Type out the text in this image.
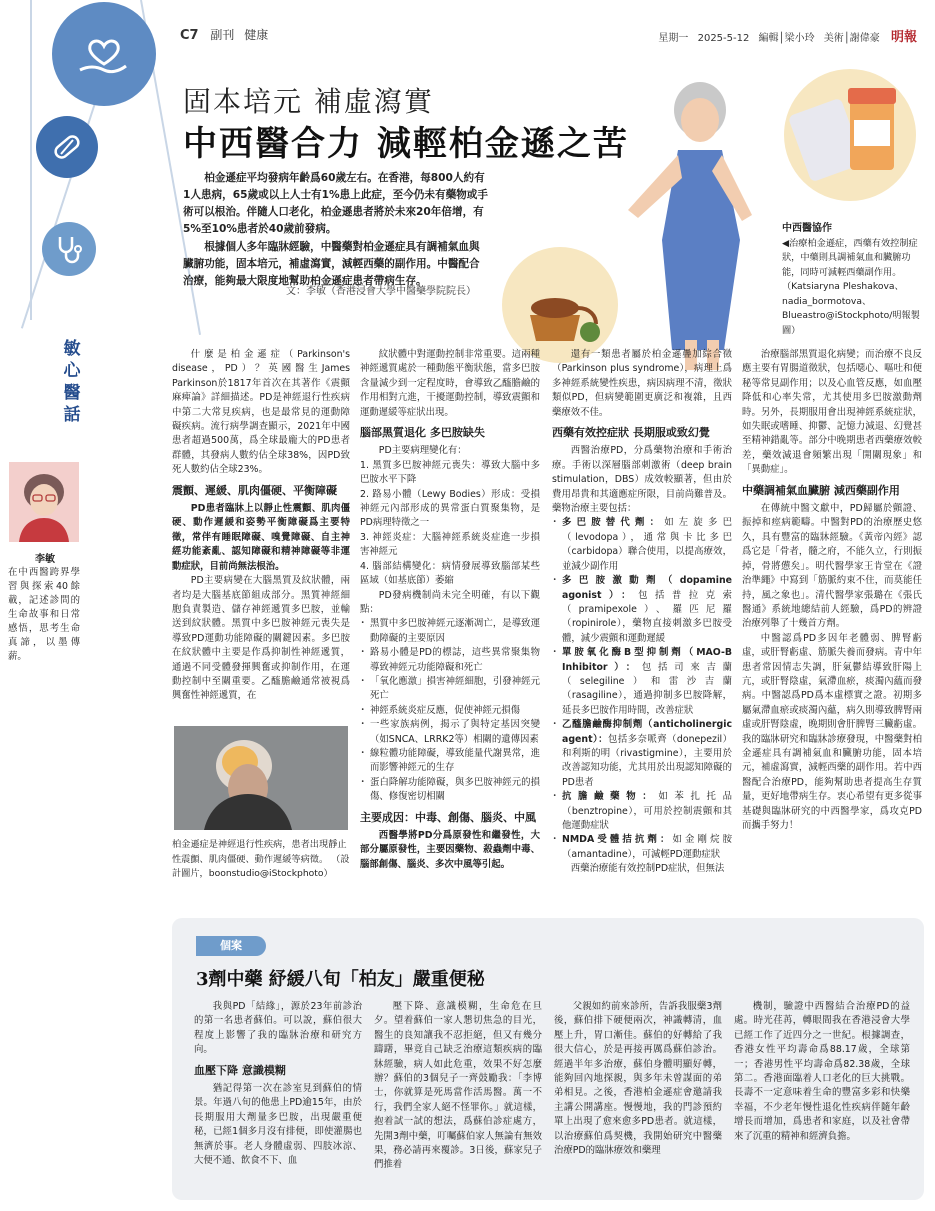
C7 副刊 健康	星期一 2025-5-12 編輯│梁小玲 美術│謝偉豪 明報
敏
心
醫
話
李敏
在中西醫跨界學習與探索40餘載，記述診問的生命故事和日常感悟，思考生命真諦，以墨傳薪。
固本培元 補虛瀉實
中西醫合力 減輕柏金遜之苦

柏金遜症平均發病年齡爲60歲左右。在香港，每800人約有1人患病，65歲或以上人士有1%患上此症，至今仍未有藥物或手術可以根治。伴隨人口老化，柏金遜患者將於未來20年倍增，有5%至10%患者於40歲前發病。

根據個人多年臨牀經驗，中醫藥對柏金遜症具有調補氣血與臟腑功能，固本培元，補虛瀉實，減輕西藥的副作用。中醫配合治療，能夠最大限度地幫助柏金遜症患者帶病生存。

文：李敏（香港浸會大學中醫藥學院院長）
中西醫協作
◀治療柏金遜症，西藥有效控制症狀，中藥則具調補氣血和臟腑功能，同時可減輕西藥副作用。 （Katsiaryna Pleshakova、nadia_bormotova、Blueastro@iStockphoto/明報製圖）

什麼是柏金遜症（Parkinson's disease，PD）？英國醫生James Parkinson於1817年首次在其著作《震顫麻痺論》詳細描述。PD是神經退行性疾病中第二大常見疾病，也是最常見的運動障礙疾病。流行病學調查顯示，2021年中國患者超過500萬，爲全球最龐大的PD患者群體，其發病人數約佔全球38%，因PD致死人數約佔全球23%。

震顫、遲緩、肌肉僵硬、平衡障礙

PD患者臨牀上以靜止性震顫、肌肉僵硬、動作遲緩和姿勢平衡障礙爲主要特徵，常伴有睡眠障礙、嗅覺障礙、自主神經功能紊亂、認知障礙和精神障礙等非運動症狀，目前尚無法根治。

PD主要病變在大腦黑質及紋狀體，兩者均是大腦基底節組成部分。黑質神經細胞負責製造、儲存神經遞質多巴胺，並輸送到紋狀體。黑質中多巴胺神經元喪失是導致PD運動功能障礙的關鍵因素。多巴胺在紋狀體中主要是作爲抑制性神經遞質，通過不同受體發揮興奮或抑制作用，在運動控制中至關重要。乙醯膽鹼通常被視爲興奮性神經遞質，在

柏金遜症是神經退行性疾病，患者出現靜止性震顫、肌肉僵硬、動作遲緩等病徵。 （設計圖片，boonstudio@iStockphoto）

紋狀體中對運動控制非常重要。這兩種神經遞質處於一種動態平衡狀態，當多巴胺含量減少到一定程度時，會導致乙醯膽鹼的作用相對亢進，干擾運動控制，導致震顫和運動遲緩等症狀出現。

腦部黑質退化 多巴胺缺失

PD主要病理變化有：

1. 黑質多巴胺神經元喪失：導致大腦中多巴胺水平下降
2. 路易小體（Lewy Bodies）形成：受損神經元內部形成的異常蛋白質聚集物，是PD病理特徵之一
3. 神經炎症：大腦神經系統炎症進一步損害神經元
4. 腦部結構變化：病情發展導致腦部某些區域（如基底節）萎縮

PD發病機制尚未完全明確，有以下觀點：

・ 黑質中多巴胺神經元逐漸凋亡，是導致運動障礙的主要原因
・ 路易小體是PD的標誌，這些異常聚集物導致神經元功能障礙和死亡
・ 「氧化應激」損害神經細胞，引發神經元死亡
・ 神經系統炎症反應，促使神經元損傷
・ 一些家族病例，揭示了與特定基因突變（如SNCA、LRRK2等）相關的遺傳因素
・ 線粒體功能障礙，導致能量代謝異常，進而影響神經元的生存
・ 蛋白降解功能障礙，與多巴胺神經元的損傷、修復密切相關
主要成因：中毒、創傷、腦炎、中風

西醫學將PD分爲原發性和繼發性，大部分屬原發性，主要因藥物、殺蟲劑中毒、腦部創傷、腦炎、多次中風等引起。

還有一類患者屬於柏金遜疊加綜合徵（Parkinson plus syndrome），病理上爲多神經系統變性疾患，病因病理不清，徵狀類似PD，但病變範圍更廣泛和複雜，且西藥療效不佳。

西藥有效控症狀 長期服或致幻覺

西醫治療PD，分爲藥物治療和手術治療。手術以深層腦部刺激術（deep brain stimulation，DBS）成效較顯著，但由於費用昂貴和其適應症所限，目前尚難普及。藥物治療主要包括：

・ 多巴胺替代劑：如左旋多巴（levodopa），通常與卡比多巴（carbidopa）聯合使用，以提高療效，並減少副作用
・ 多巴胺激動劑（dopamine agonist）：包括普拉克索（pramipexole）、羅匹尼羅（ropinirole），藥物直接刺激多巴胺受體，減少震顫和運動遲緩
・ 單胺氧化酶B型抑制劑（MAO-B Inhibitor）：包括司來吉蘭（selegiline）和雷沙吉蘭（rasagiline），通過抑制多巴胺降解，延長多巴胺作用時間，改善症狀
・ 乙醯膽鹼酶抑制劑（anticholinergic agent）：包括多奈哌齊（donepezil）和利斯的明（rivastigmine），主要用於改善認知功能，尤其用於出現認知障礙的PD患者
・ 抗膽鹼藥物：如苯扎托品（benztropine），可用於控制震顫和其他運動症狀
・ NMDA受體拮抗劑：如金剛烷胺（amantadine），可減輕PD運動症狀

西藥治療能有效控制PD症狀，但無法

治療腦部黑質退化病變；而治療不良反應主要有胃腸道徵狀，包括噁心、嘔吐和便秘等常見副作用；以及心血管反應，如血壓降低和心率失常，尤其使用多巴胺激動劑時。另外，長期服用會出現神經系統症狀，如失眠或嗜睡、抑鬱、記憶力減退、幻覺甚至精神錯亂等。部分中晚期患者西藥療效較差，藥效減退會頻繁出現「開關現象」和「異動症」。

中藥調補氣血臟腑 減西藥副作用

在傳統中醫文獻中，PD歸屬於顫證、振掉和痙病範疇。中醫對PD的治療歷史悠久，具有豐富的臨牀經驗。《黃帝內經》認爲它是「骨者，髓之府，不能久立，行則振掉，骨將憊矣」。明代醫學家王肯堂在《證治準繩》中寫到「筋脈約束不住，而莫能任持，風之象也」。清代醫學家張璐在《張氏醫通》系統地總結前人經驗，爲PD的辨證治療列舉了十幾首方劑。

中醫認爲PD多因年老體弱、脾腎虧虛，或肝腎虧虛、筋脈失養而發病。青中年患者常因情志失調，肝氣鬱結導致肝陽上亢，或肝腎陰虛，氣滯血瘀，痰濁內蘊而發病。中醫認爲PD爲本虛標實之證。初期多屬氣滯血瘀或痰濁內蘊，病久則導致脾腎兩虛或肝腎陰虛，晚期則會肝脾腎三臟虧虛。我的臨牀研究和臨牀診療發現，中醫藥對柏金遜症具有調補氣血和臟腑功能，固本培元，補虛瀉實，減輕西藥的副作用。若中西醫配合治療PD，能夠幫助患者提高生存質量，更好地帶病生存。衷心希望有更多從事基礎與臨牀研究的中西醫學家，爲攻克PD而攜手努力！

個案
3劑中藥 紓緩八旬「柏友」嚴重便秘

我與PD「結緣」，源於23年前診治的第一名患者蘇伯。可以說，蘇伯很大程度上影響了我的臨牀治療和研究方向。

血壓下降 意識模糊

猶記得第一次在診室見到蘇伯的情景。年過八旬的他患上PD逾15年，由於長期服用大劑量多巴胺，出現嚴重便秘，已經1個多月沒有排便，即使灌腸也無濟於事。老人身體虛弱、四肢冰涼、大便不通、飲食不下、血

壓下降、意識模糊，生命危在旦夕。望着蘇伯一家人懇切焦急的目光，醫生的良知讓我不忍拒絕，但又有幾分躊躇，畢竟自己缺乏治療這類疾病的臨牀經驗，病人如此危重，效果不好怎麼辦？蘇伯的3個兒子一齊鼓勵我：「李博士，你就算是死馬當作活馬醫。萬一不行，我們全家人絕不怪罪你。」就這樣，抱着試一試的想法，爲蘇伯診症處方，先開3劑中藥，叮囑蘇伯家人無論有無效果，務必請再來覆診。3日後，蘇家兒子們推着

父親如約前來診所，告訴我服藥3劑後，蘇伯排下硬便兩次，神識轉清，血壓上升，胃口漸佳。蘇伯的好轉給了我很大信心，於是再接再厲爲蘇伯診治。經過半年多治療，蘇伯身體明顯好轉，能夠回內地探親，與多年未曾謀面的弟弟相見。之後，香港柏金遜症會邀請我主講公開講座。慢慢地，我的門診預約單上出現了愈來愈多PD患者。就這樣，以治療蘇伯爲契機，我開始研究中醫藥治療PD的臨牀療效和藥理

機制，驗證中西醫結合治療PD的益處。時光荏苒，轉眼間我在香港浸會大學已經工作了近四分之一世紀。根據調查，香港女性平均壽命爲88.17歲，全球第一；香港男性平均壽命爲82.38歲，全球第二。香港面臨着人口老化的巨大挑戰。長壽不一定意味着生命的豐富多彩和快樂幸福，不少老年慢性退化性疾病伴隨年齡增長而增加，爲患者和家庭，以及社會帶來了沉重的精神和經濟負擔。
